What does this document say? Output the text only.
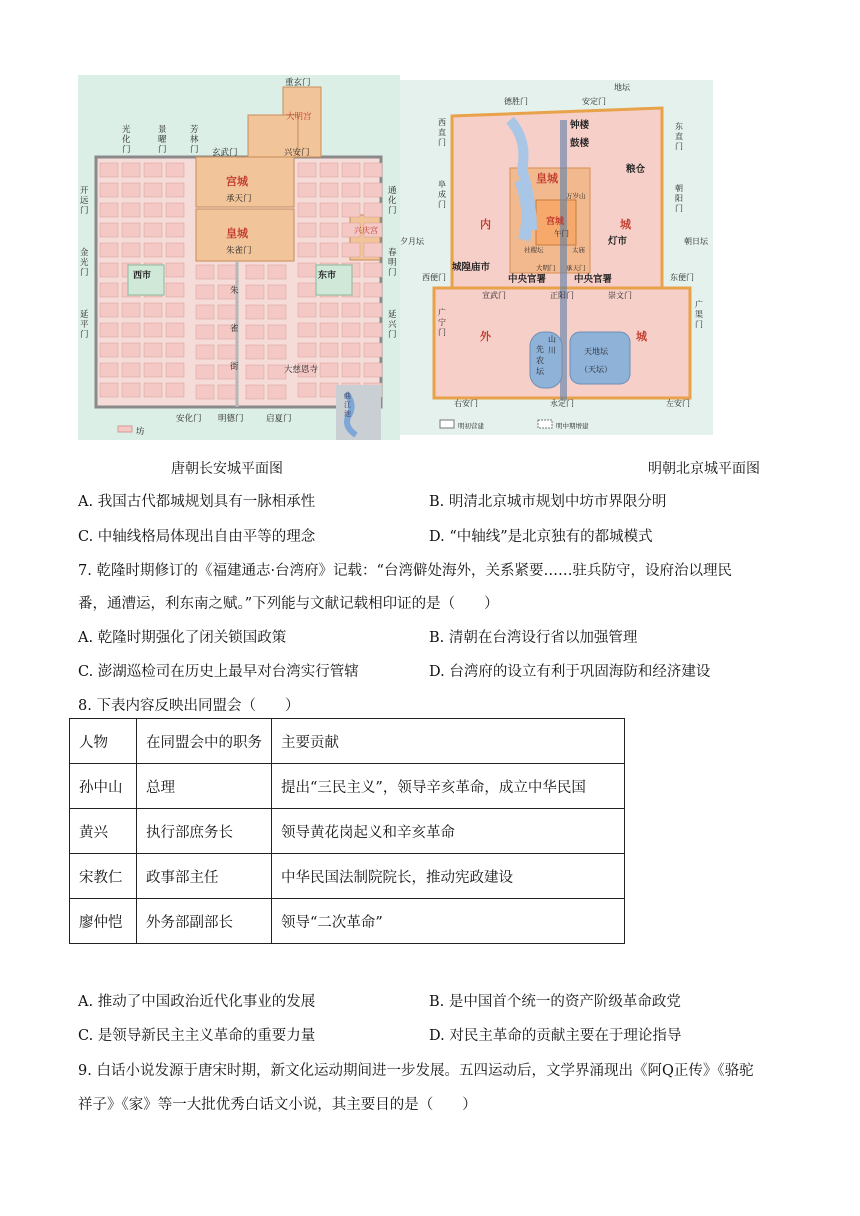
重玄门
大明宫
玄武门	兴安门
承天门
朱雀门
大慈恩寺
坊
安化门 明德门	启夏门
宫城
皇城
西市	东市
兴庆宫
光化门
景曜门
芳林门
开远门
金光门
延平门
通化门
春明门
延兴门
朱雀街
曲江池
地坛
德胜门	安定门
夕月坛	朝日坛
西便门	东便门
宣武门	正阳门	崇文门
大明门 承天门
天地坛
（天坛）
右安门	永定门	左安门
明初营建	明中期增建
万岁山
午门
社稷坛	太庙
钟楼
鼓楼
粮仓
灯市
城隍庙市
中央官署	中央官署
皇城
内	城
宫城
外	城
西直门
阜成门
广宁门
东直门
朝阳门
广渠门
先农坛
山川
唐朝长安城平面图	明朝北京城平面图
A. 我国古代都城规划具有一脉相承性	B. 明清北京城市规划中坊市界限分明
C. 中轴线格局体现出自由平等的理念	D. “中轴线”是北京独有的都城模式
7. 乾隆时期修订的《福建通志·台湾府》记载：“台湾僻处海外，关系紧要……驻兵防守，设府治以理民
番，通漕运，利东南之赋。”下列能与文献记载相印证的是（　　）
A. 乾隆时期强化了闭关锁国政策	B. 清朝在台湾设行省以加强管理
C. 澎湖巡检司在历史上最早对台湾实行管辖	D. 台湾府的设立有利于巩固海防和经济建设
8. 下表内容反映出同盟会（　　）
人物	在同盟会中的职务	主要贡献
孙中山	总理	提出“三民主义”，领导辛亥革命，成立中华民国
黄兴	执行部庶务长	领导黄花岗起义和辛亥革命
宋教仁	政事部主任	中华民国法制院院长，推动宪政建设
廖仲恺	外务部副部长	领导“二次革命”
A. 推动了中国政治近代化事业的发展	B. 是中国首个统一的资产阶级革命政党
C. 是领导新民主主义革命的重要力量	D. 对民主革命的贡献主要在于理论指导
9. 白话小说发源于唐宋时期，新文化运动期间进一步发展。五四运动后，文学界涌现出《阿Q正传》《骆驼
祥子》《家》等一大批优秀白话文小说，其主要目的是（　　）
